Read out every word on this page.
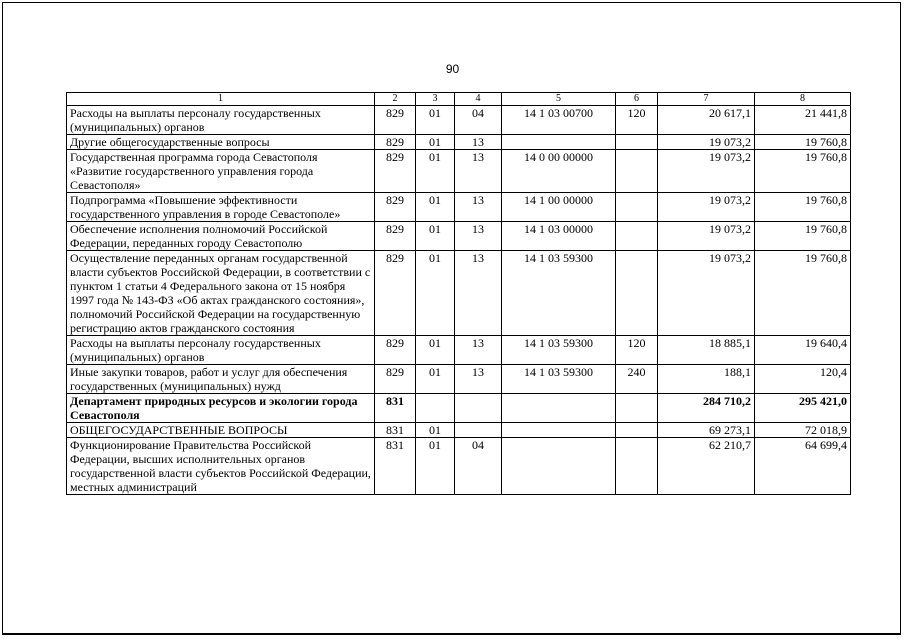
90
1	2	3	4	5	6	7	8
Расходы на выплаты персоналу государственных (муниципальных) органов	829	01	04	14 1 03 00700	120	20 617,1	21 441,8
Другие общегосударственные вопросы	829	01	13			19 073,2	19 760,8
Государственная программа города Севастополя «Развитие государственного управления города Севастополя»	829	01	13	14 0 00 00000		19 073,2	19 760,8
Подпрограмма «Повышение эффективности государственного управления в городе Севастополе»	829	01	13	14 1 00 00000		19 073,2	19 760,8
Обеспечение исполнения полномочий Российской Федерации, переданных городу Севастополю	829	01	13	14 1 03 00000		19 073,2	19 760,8
Осуществление переданных органам государственной власти субъектов Российской Федерации, в соответствии с пунктом 1 статьи 4 Федерального закона от 15 ноября 1997 года № 143-ФЗ «Об актах гражданского состояния», полномочий Российской Федерации на государственную регистрацию актов гражданского состояния	829	01	13	14 1 03 59300		19 073,2	19 760,8
Расходы на выплаты персоналу государственных (муниципальных) органов	829	01	13	14 1 03 59300	120	18 885,1	19 640,4
Иные закупки товаров, работ и услуг для обеспечения государственных (муниципальных) нужд	829	01	13	14 1 03 59300	240	188,1	120,4
Департамент природных ресурсов и экологии города Севастополя	831					284 710,2	295 421,0
ОБЩЕГОСУДАРСТВЕННЫЕ ВОПРОСЫ	831	01				69 273,1	72 018,9
Функционирование Правительства Российской Федерации, высших исполнительных органов государственной власти субъектов Российской Федерации, местных администраций	831	01	04			62 210,7	64 699,4
